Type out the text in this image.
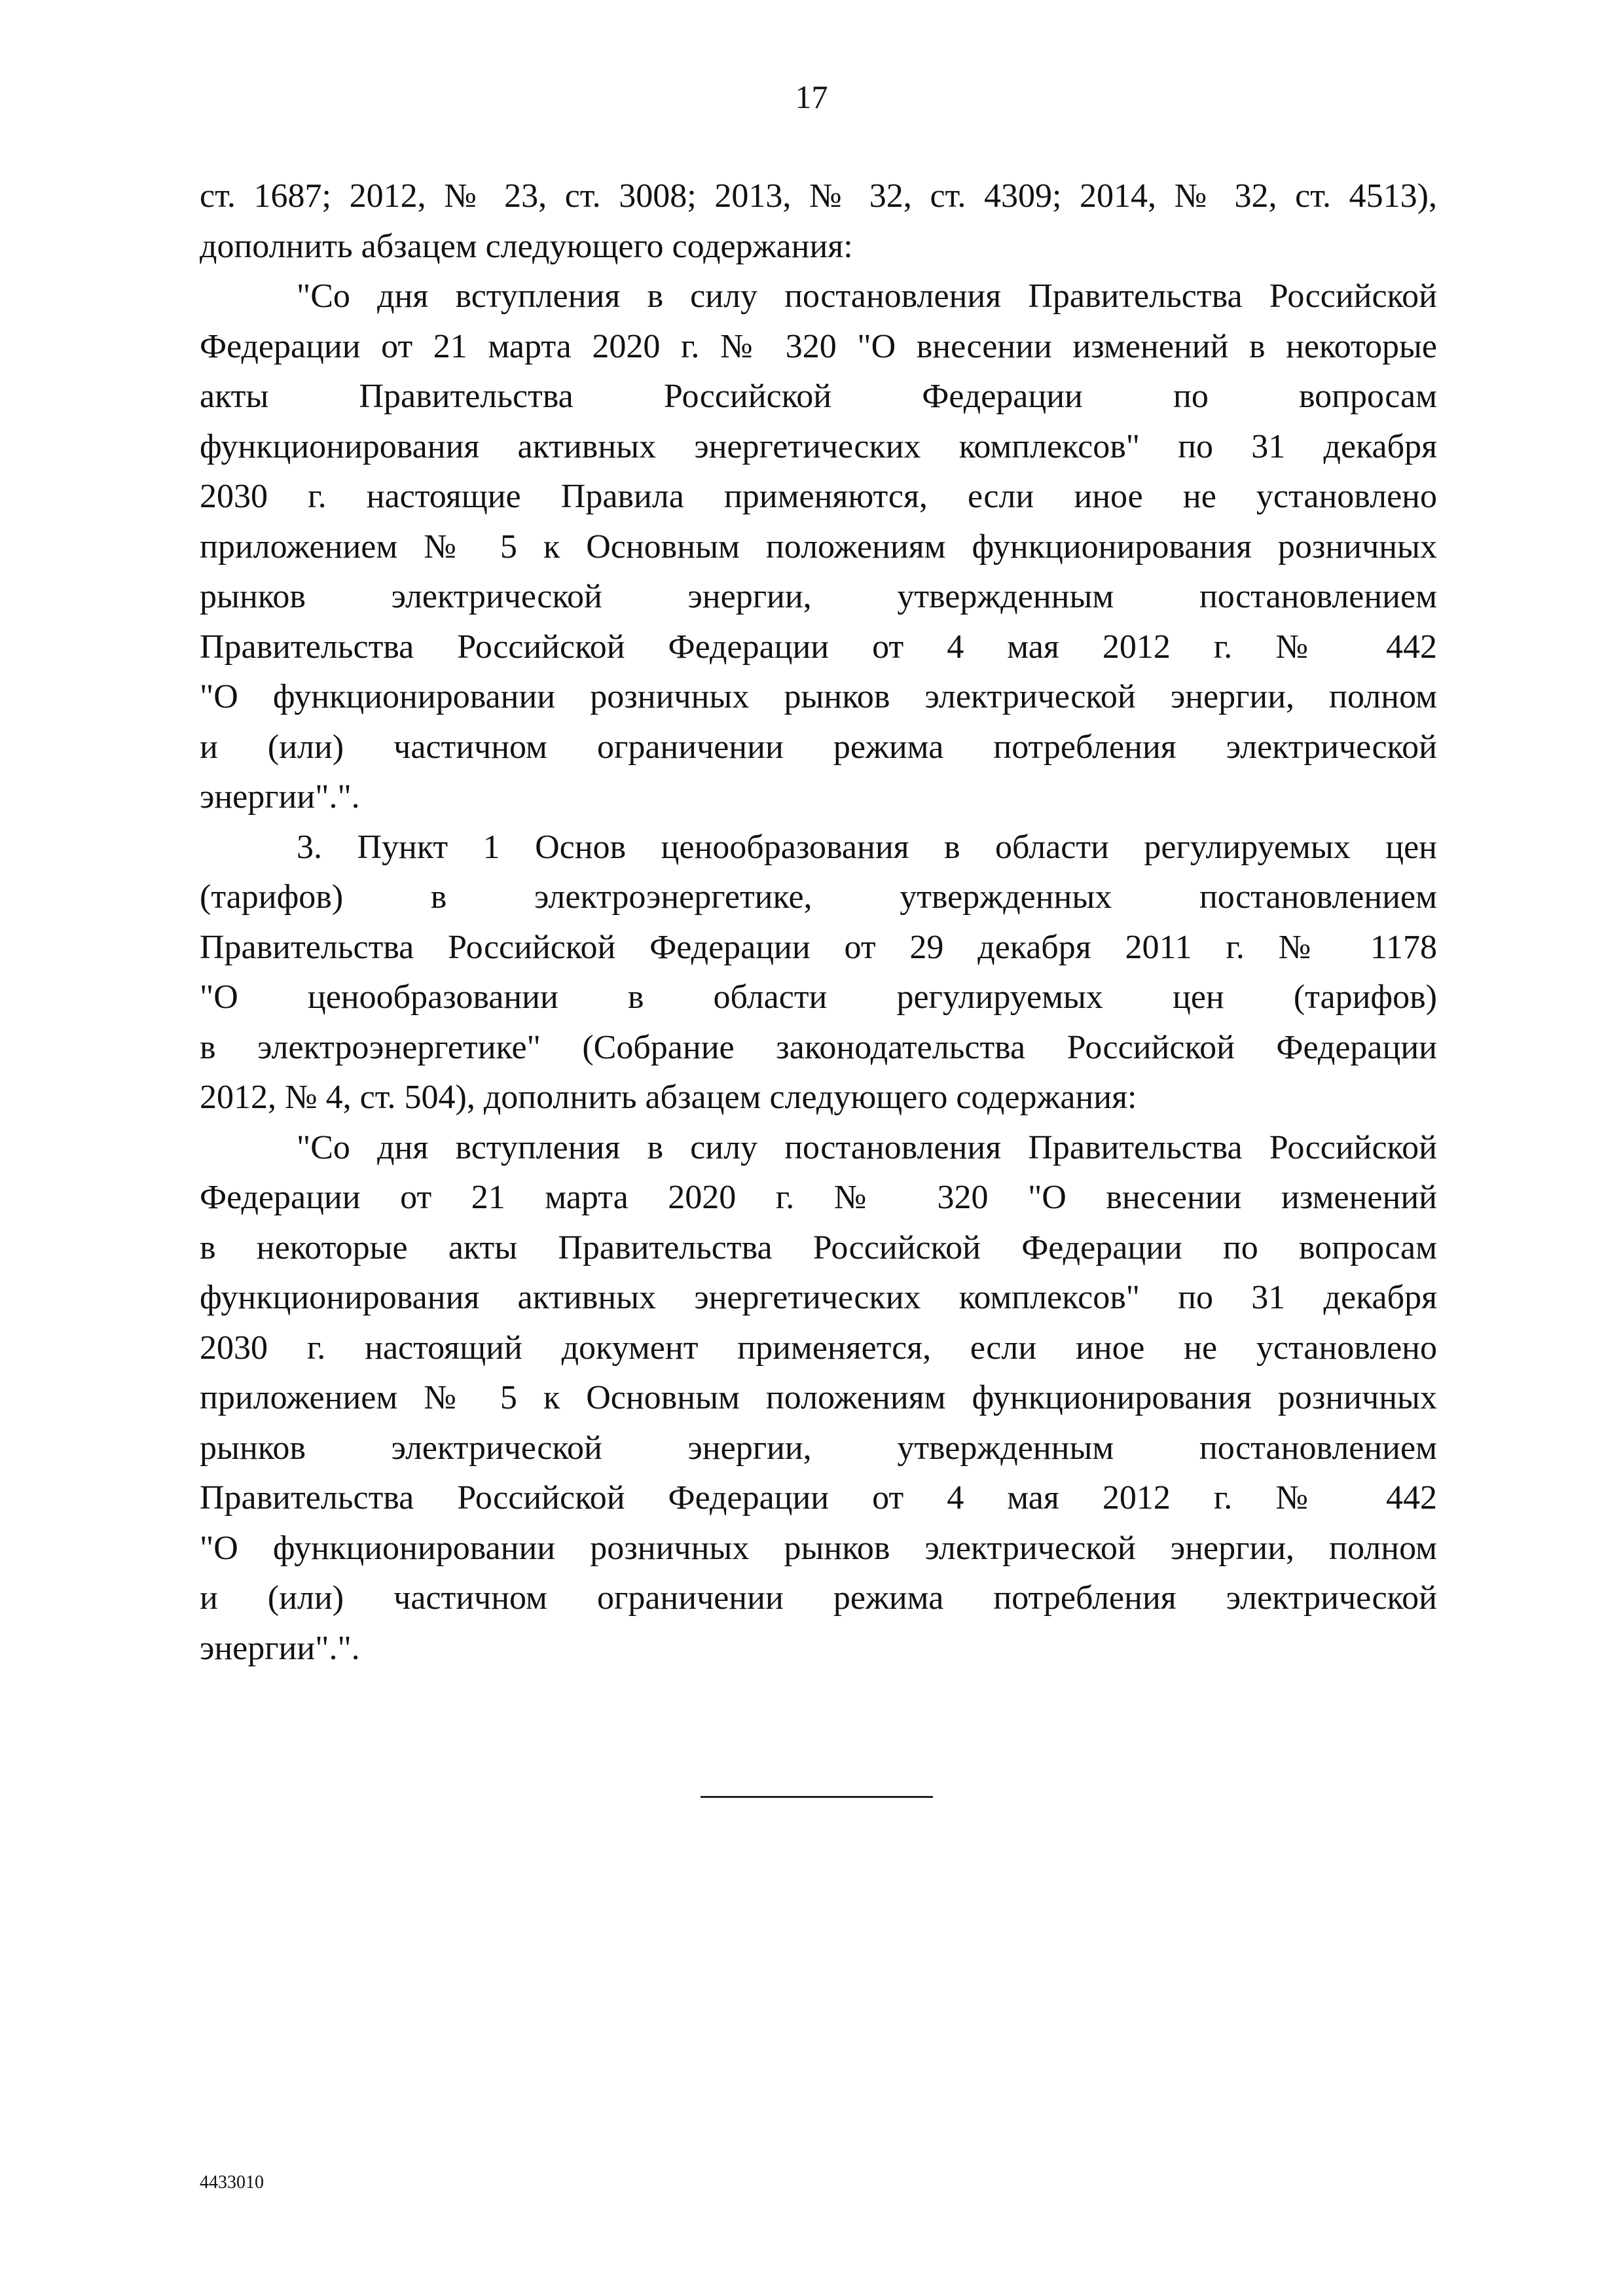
17
ст. 1687; 2012, № 23, ст. 3008; 2013, № 32, ст. 4309; 2014, № 32, ст. 4513),
дополнить абзацем следующего содержания:
"Со дня вступления в силу постановления Правительства Российской
Федерации от 21 марта 2020 г. № 320 "О внесении изменений в некоторые
акты Правительства Российской Федерации по вопросам
функционирования активных энергетических комплексов" по 31 декабря
2030 г. настоящие Правила применяются, если иное не установлено
приложением № 5 к Основным положениям функционирования розничных
рынков электрической энергии, утвержденным постановлением
Правительства Российской Федерации от 4 мая 2012 г. № 442
"О функционировании розничных рынков электрической энергии, полном
и (или) частичном ограничении режима потребления электрической
энергии".".
3. Пункт 1 Основ ценообразования в области регулируемых цен
(тарифов) в электроэнергетике, утвержденных постановлением
Правительства Российской Федерации от 29 декабря 2011 г. № 1178
"О ценообразовании в области регулируемых цен (тарифов)
в электроэнергетике" (Собрание законодательства Российской Федерации
2012, № 4, ст. 504), дополнить абзацем следующего содержания:
"Со дня вступления в силу постановления Правительства Российской
Федерации от 21 марта 2020 г. № 320 "О внесении изменений
в некоторые акты Правительства Российской Федерации по вопросам
функционирования активных энергетических комплексов" по 31 декабря
2030 г. настоящий документ применяется, если иное не установлено
приложением № 5 к Основным положениям функционирования розничных
рынков электрической энергии, утвержденным постановлением
Правительства Российской Федерации от 4 мая 2012 г. № 442
"О функционировании розничных рынков электрической энергии, полном
и (или) частичном ограничении режима потребления электрической
энергии".".
4433010
